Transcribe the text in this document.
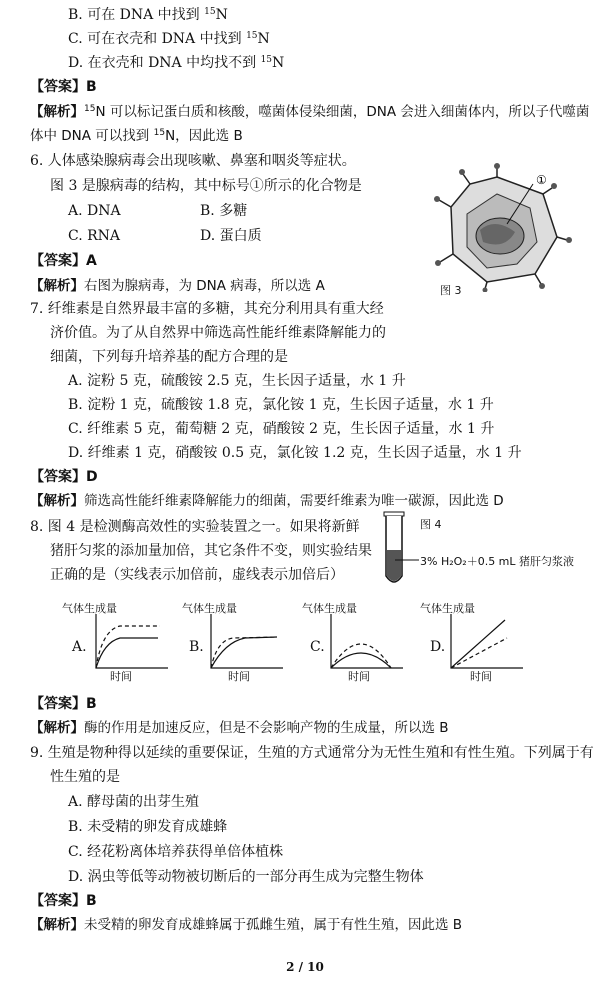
B. 可在 DNA 中找到 $^{15}$N
C. 可在衣壳和 DNA 中找到 $^{15}$N
D. 在衣壳和 DNA 中均找不到 $^{15}$N
【答案】B
【解析】$^{15}$N 可以标记蛋白质和核酸，噬菌体侵染细菌，DNA 会进入细菌体内，所以子代噬菌
体中 DNA 可以找到 $^{15}$N，因此选 B
6. 人体感染腺病毒会出现咳嗽、鼻塞和咽炎等症状。
图 3 是腺病毒的结构，其中标号①所示的化合物是
A. DNA	B. 多糖
C. RNA	D. 蛋白质
【答案】A
【解析】右图为腺病毒，为 DNA 病毒，所以选 A
①
图 3
7. 纤维素是自然界最丰富的多糖，其充分利用具有重大经
济价值。为了从自然界中筛选高性能纤维素降解能力的
细菌，下列每升培养基的配方合理的是
A. 淀粉 5 克，硫酸铵 2.5 克，生长因子适量，水 1 升
B. 淀粉 1 克，硫酸铵 1.8 克，氯化铵 1 克，生长因子适量，水 1 升
C. 纤维素 5 克，葡萄糖 2 克，硝酸铵 2 克，生长因子适量，水 1 升
D. 纤维素 1 克，硝酸铵 0.5 克，氯化铵 1.2 克，生长因子适量，水 1 升
【答案】D
【解析】筛选高性能纤维素降解能力的细菌，需要纤维素为唯一碳源，因此选 D
8. 图 4 是检测酶高效性的实验装置之一。如果将新鲜
猪肝匀浆的添加量加倍，其它条件不变，则实验结果
正确的是（实线表示加倍前，虚线表示加倍后）
图 4
3% H₂O₂＋0.5 mL 猪肝匀浆液
气体生成量	气体生成量	气体生成量	气体生成量
A.	B.	C.	D.
时间	时间	时间	时间
【答案】B
【解析】酶的作用是加速反应，但是不会影响产物的生成量，所以选 B
9. 生殖是物种得以延续的重要保证，生殖的方式通常分为无性生殖和有性生殖。下列属于有
性生殖的是
A. 酵母菌的出芽生殖
B. 未受精的卵发育成雄蜂
C. 经花粉离体培养获得单倍体植株
D. 涡虫等低等动物被切断后的一部分再生成为完整生物体
【答案】B
【解析】未受精的卵发育成雄蜂属于孤雌生殖，属于有性生殖，因此选 B
2 / 10
